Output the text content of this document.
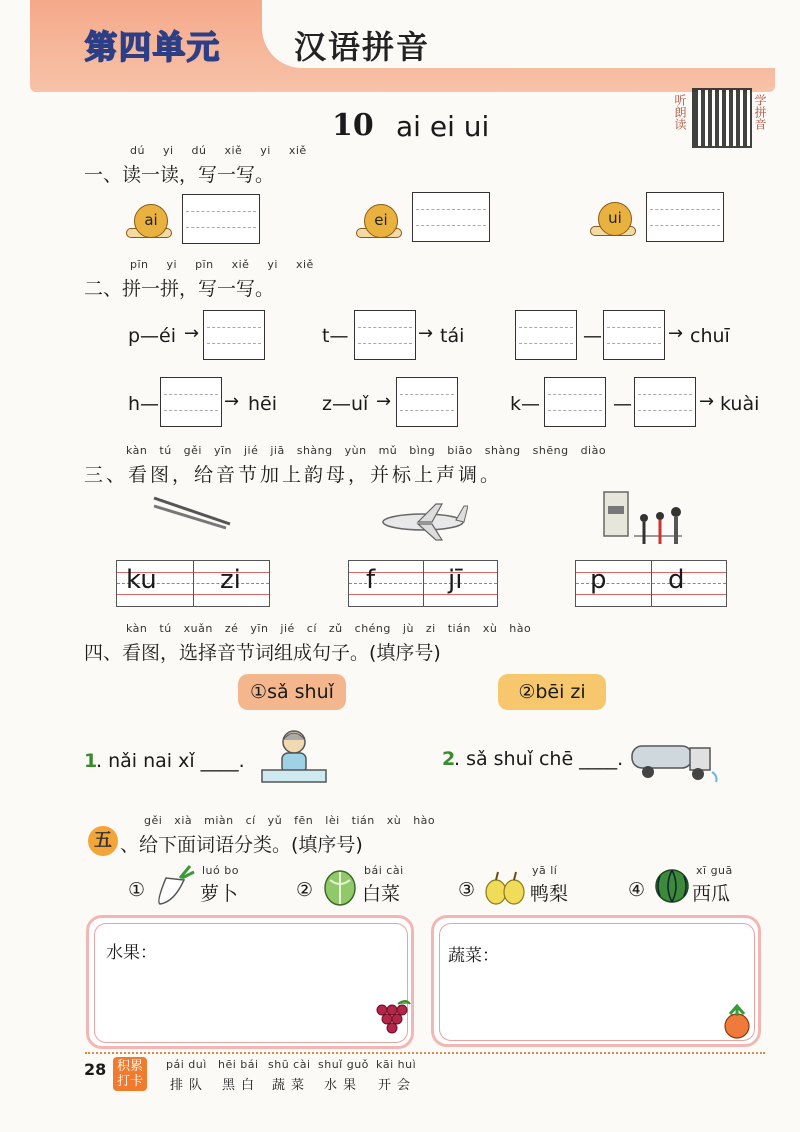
第四单元 汉语拼音
10 ai ei ui	听朗读	学拼音
dú yi dú xiě yi xiě
一、读一读，写一写。
ai	ei	ui
pīn yi pīn xiě yi xiě
二、拼一拼，写一写。
p—éi →	t—	→ tái	—	→ chuī
h—	→ hēi z—uǐ →	k—	—	→ kuài
kàn tú gěi yīn jié jiā shàng yùn mǔ bìng biāo shàng shēng diào
三、看图，给音节加上韵母，并标上声调。
ku zi	f	jī	p d
kàn tú xuǎn zé yīn jié cí zǔ chéng jù zi tián xù hào
四、看图，选择音节词组成句子。(填序号)
①sǎ shuǐ	②bēi zi
1
. nǎi nai xǐ ____.	2
. sǎ shuǐ chē ____.
gěi xià miàn cí yǔ fēn lèi tián xù hào
五 、给下面词语分类。(填序号)
①
luó bo
萝卜	②
bái cài
白菜	③
yā lí
鸭梨	④
xī guā
西瓜
水果：	蔬菜：
28 积累打卡
pái duì
排队
hēi bái
黑白
shū cài
蔬菜
shuǐ guǒ
水果
kāi huì
开会
